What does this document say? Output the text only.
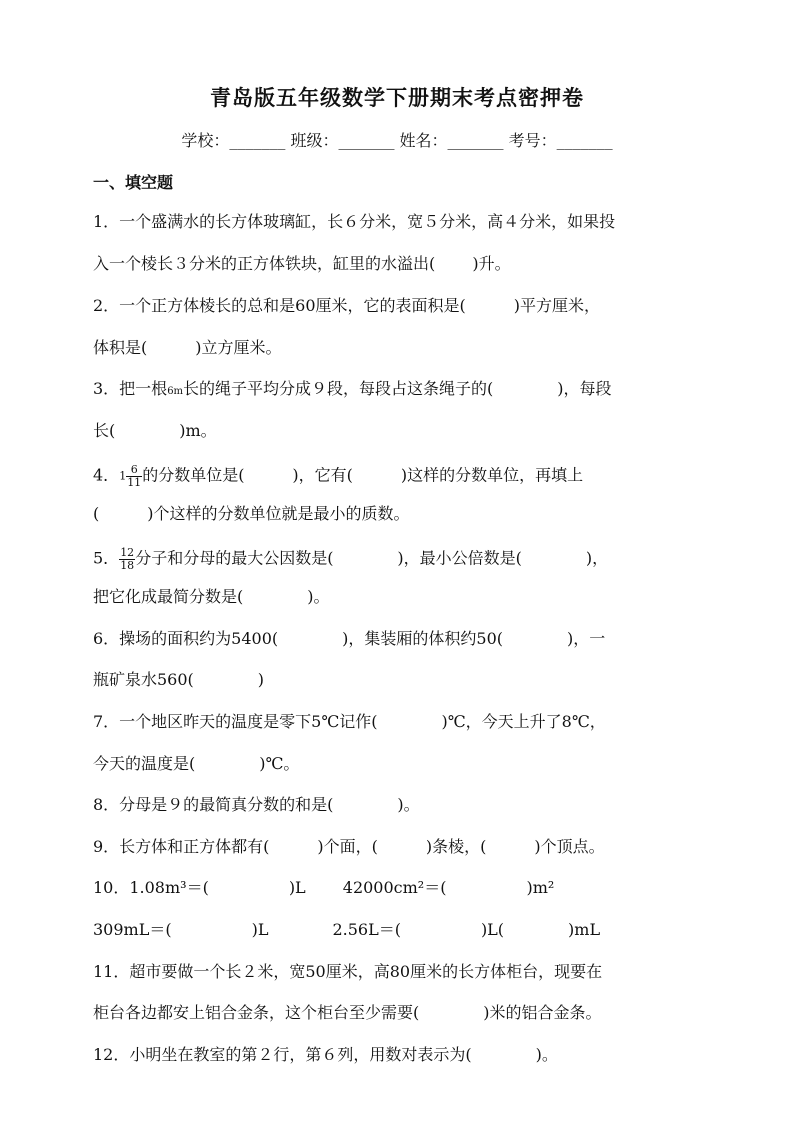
青岛版五年级数学下册期末考点密押卷
学校：_______ 班级：_______ 姓名：_______ 考号：_______
一、填空题
1．一个盛满水的长方体玻璃缸，长６分米，宽５分米，高４分米，如果投
入一个棱长３分米的正方体铁块，缸里的水溢出(　　 )升。
2．一个正方体棱长的总和是60厘米，它的表面积是(　　　)平方厘米，
体积是(　　　)立方厘米。
3．把一根6m长的绳子平均分成９段，每段占这条绳子的(　　　　)，每段
长(　　　　)m。
4．$1 \frac{6}{11}$ 的分数单位是(　　　)，它有(　　　)这样的分数单位，再填上
(　　　)个这样的分数单位就是最小的质数。
5． $\frac{12}{18}$ 分子和分母的最大公因数是(　　　　)，最小公倍数是(　　　　)，
把它化成最简分数是(　　　　)。
6．操场的面积约为5400(　　　　)，集装厢的体积约50(　　　　)，一
瓶矿泉水560(　　　　)
7．一个地区昨天的温度是零下5℃记作(　　　　)℃，今天上升了8℃，
今天的温度是(　　　　)℃。
8．分母是９的最简真分数的和是(　　　　)。
9．长方体和正方体都有(　　　)个面，(　　　)条棱，(　　　)个顶点。
10．1.08m³＝(　　　　　)L　　 42000cm²＝(　　　　　)m²
309mL＝(　　　　　)L　　　　2.56L＝(　　　　　)L(　　　　)mL
11．超市要做一个长２米，宽50厘米，高80厘米的长方体柜台，现要在
柜台各边都安上铝合金条，这个柜台至少需要(　　　　)米的铝合金条。
12．小明坐在教室的第２行，第６列，用数对表示为(　　　　)。
